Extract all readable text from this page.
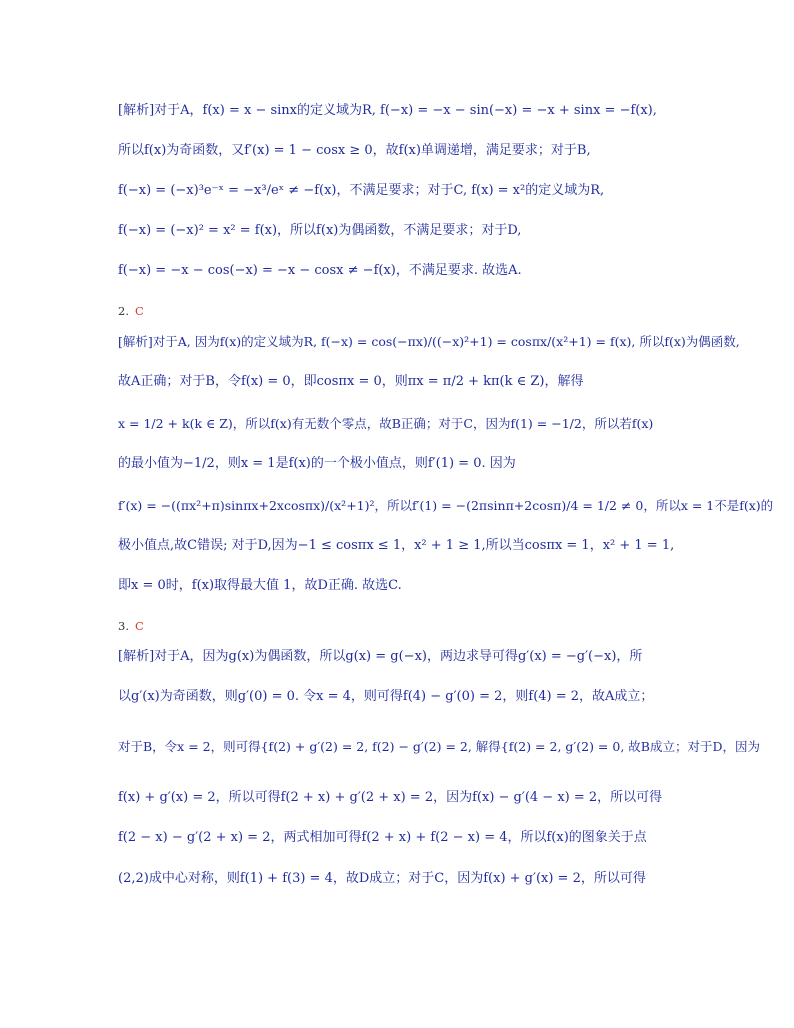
[解析]对于A，f(x) = x − sinx的定义域为R, f(−x) = −x − sin(−x) = −x + sinx = −f(x),
所以f(x)为奇函数，又f′(x) = 1 − cosx ≥ 0，故f(x)单调递增，满足要求；对于B,
f(−x) = (−x)³e⁻ˣ = −x³/eˣ ≠ −f(x)，不满足要求；对于C, f(x) = x²的定义域为R,
f(−x) = (−x)² = x² = f(x)，所以f(x)为偶函数，不满足要求；对于D,
f(−x) = −x − cos(−x) = −x − cosx ≠ −f(x)，不满足要求. 故选A.
2. C
[解析]对于A, 因为f(x)的定义域为R, f(−x) = cos(−πx)/((−x)²+1) = cosπx/(x²+1) = f(x), 所以f(x)为偶函数,
故A正确；对于B，令f(x) = 0，即cosπx = 0，则πx = π/2 + kπ(k ∈ Z)，解得
x = 1/2 + k(k ∈ Z)，所以f(x)有无数个零点，故B正确；对于C，因为f(1) = −1/2，所以若f(x)
的最小值为−1/2，则x = 1是f(x)的一个极小值点，则f′(1) = 0. 因为
f′(x) = −((πx²+π)sinπx+2xcosπx)/(x²+1)²，所以f′(1) = −(2πsinπ+2cosπ)/4 = 1/2 ≠ 0，所以x = 1不是f(x)的
极小值点,故C错误; 对于D,因为−1 ≤ cosπx ≤ 1，x² + 1 ≥ 1,所以当cosπx = 1，x² + 1 = 1,
即x = 0时，f(x)取得最大值 1，故D正确. 故选C.
3. C
[解析]对于A，因为g(x)为偶函数，所以g(x) = g(−x)，两边求导可得g′(x) = −g′(−x)，所
以g′(x)为奇函数，则g′(0) = 0. 令x = 4，则可得f(4) − g′(0) = 2，则f(4) = 2，故A成立；
对于B，令x = 2，则可得{f(2) + g′(2) = 2, f(2) − g′(2) = 2, 解得{f(2) = 2, g′(2) = 0, 故B成立；对于D，因为
f(x) + g′(x) = 2，所以可得f(2 + x) + g′(2 + x) = 2，因为f(x) − g′(4 − x) = 2，所以可得
f(2 − x) − g′(2 + x) = 2，两式相加可得f(2 + x) + f(2 − x) = 4，所以f(x)的图象关于点
(2,2)成中心对称，则f(1) + f(3) = 4，故D成立；对于C，因为f(x) + g′(x) = 2，所以可得
